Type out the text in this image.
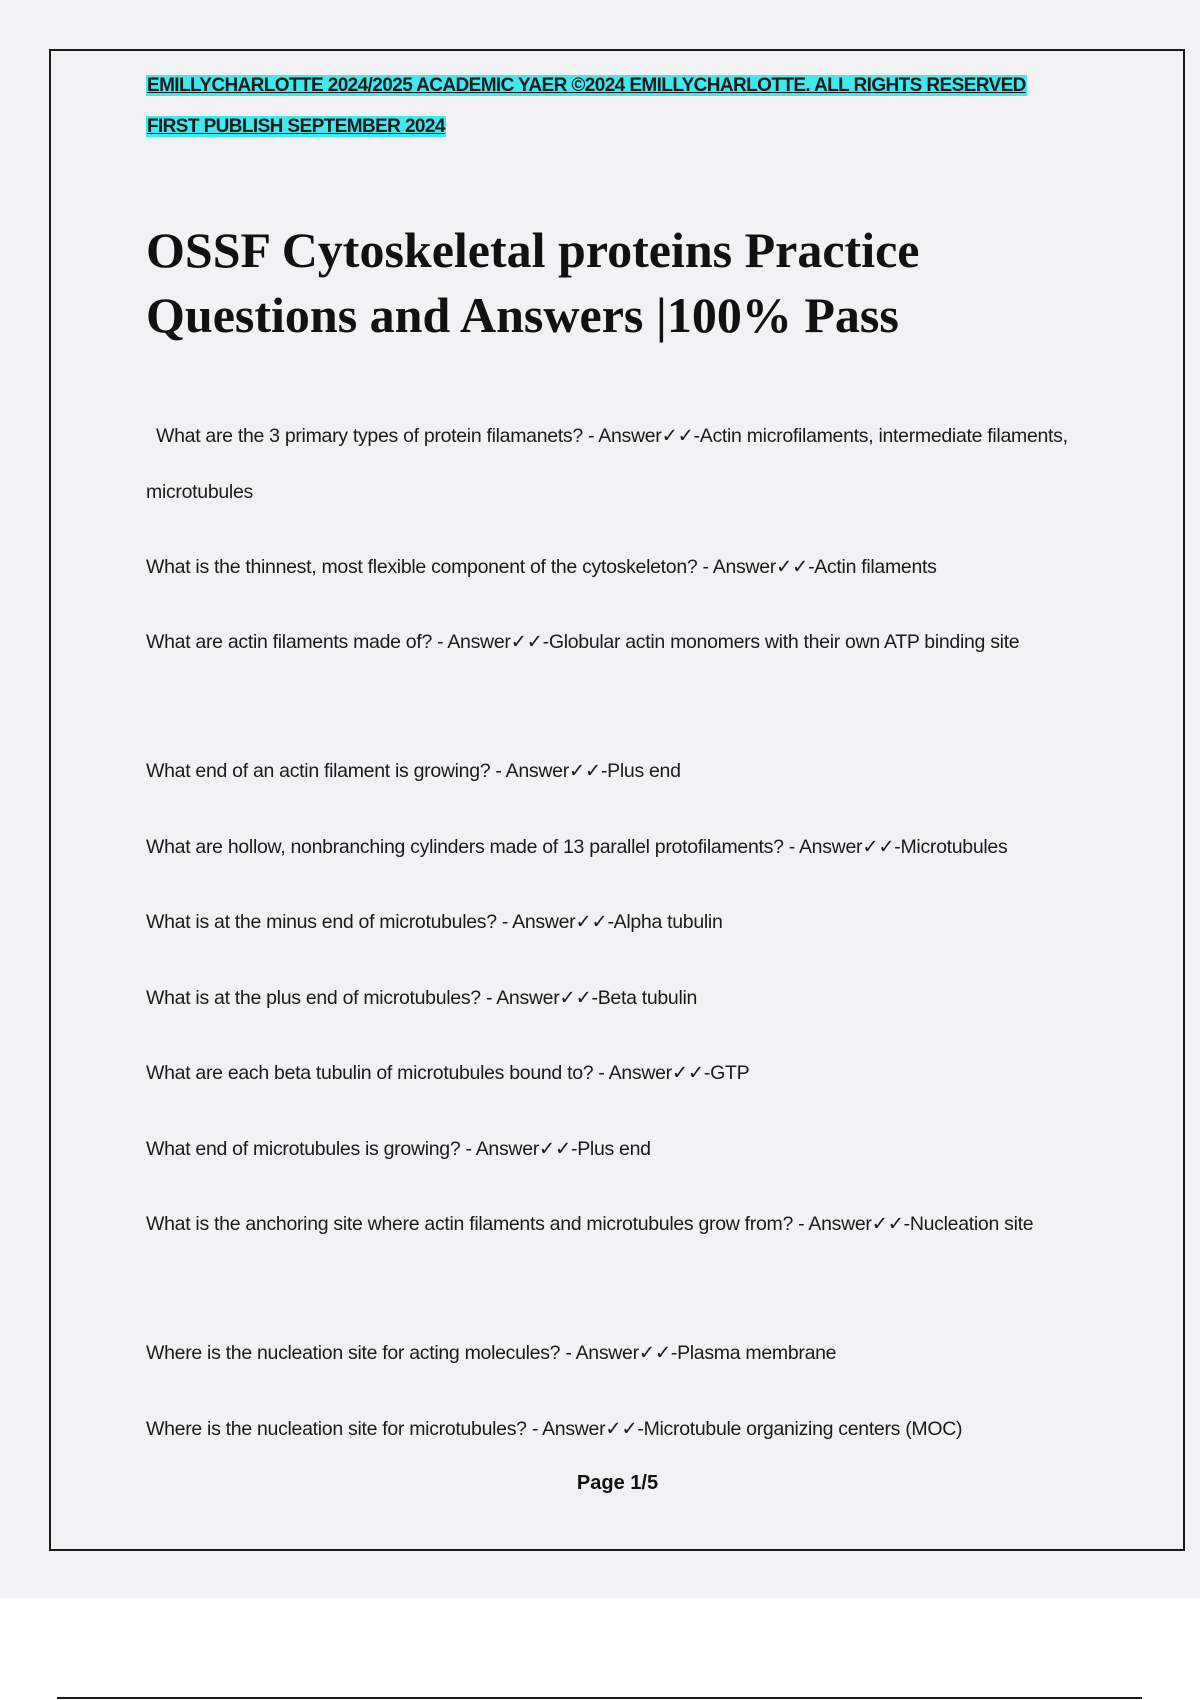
EMILLYCHARLOTTE 2024/2025 ACADEMIC YAER ©2024 EMILLYCHARLOTTE. ALL RIGHTS RESERVED
FIRST PUBLISH SEPTEMBER 2024
OSSF Cytoskeletal proteins Practice Questions and Answers |100% Pass

What are the 3 primary types of protein filamanets? - Answer✓✓-Actin microfilaments, intermediate filaments, microtubules

What is the thinnest, most flexible component of the cytoskeleton? - Answer✓✓-Actin filaments

What are actin filaments made of? - Answer✓✓-Globular actin monomers with their own ATP binding site

What end of an actin filament is growing? - Answer✓✓-Plus end

What are hollow, nonbranching cylinders made of 13 parallel protofilaments? - Answer✓✓-Microtubules

What is at the minus end of microtubules? - Answer✓✓-Alpha tubulin

What is at the plus end of microtubules? - Answer✓✓-Beta tubulin

What are each beta tubulin of microtubules bound to? - Answer✓✓-GTP

What end of microtubules is growing? - Answer✓✓-Plus end

What is the anchoring site where actin filaments and microtubules grow from? - Answer✓✓-Nucleation site

Where is the nucleation site for acting molecules? - Answer✓✓-Plasma membrane

Where is the nucleation site for microtubules? - Answer✓✓-Microtubule organizing centers (MOC)

Page 1/5
